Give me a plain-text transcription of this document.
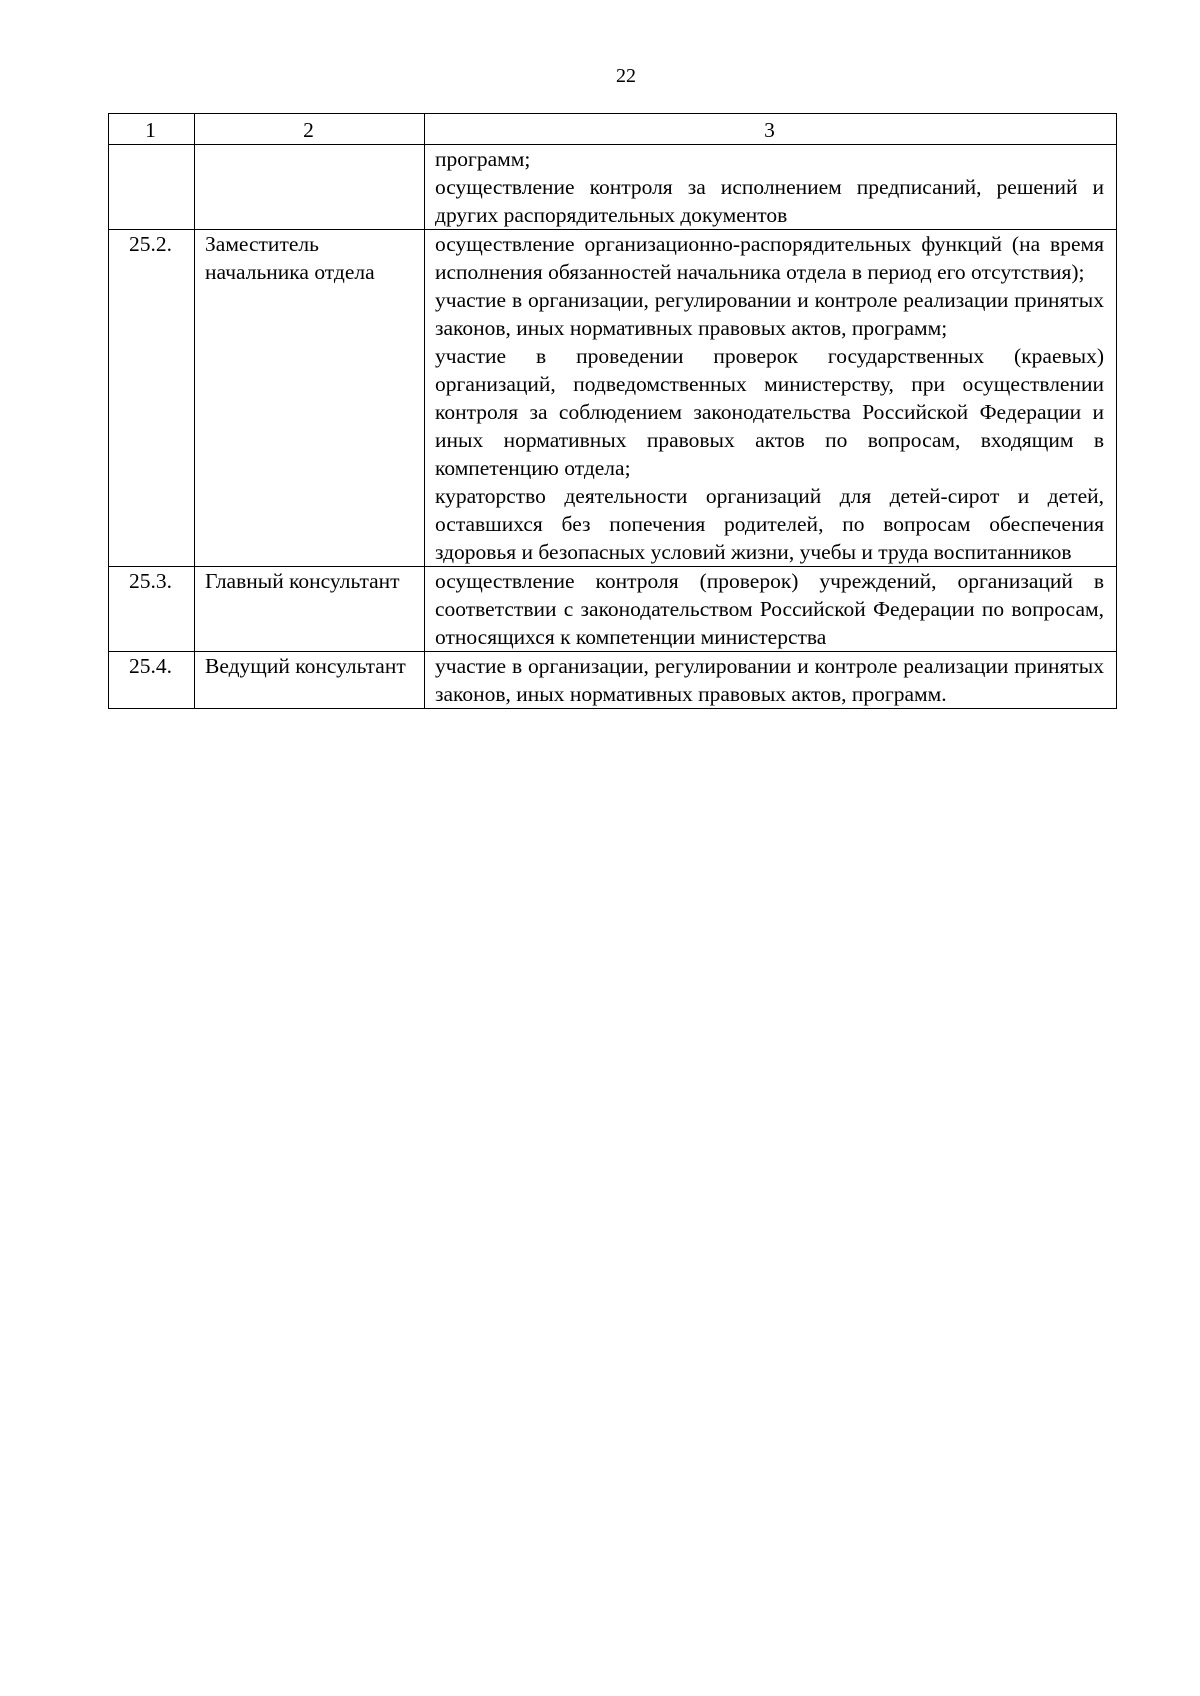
22
1	2	3

		программ;
осуществление контроля за исполнением предписаний, решений и других распорядительных документов

25.2.	Заместитель начальника отдела	осуществление организационно-распорядительных функций (на время исполнения обязанностей начальника отдела в период его отсутствия);
участие в организации, регулировании и контроле реализации принятых законов, иных нормативных правовых актов, программ;
участие в проведении проверок государственных (краевых) организаций, подведомственных министерству, при осуществлении контроля за соблюдением законодательства Российской Федерации и иных нормативных правовых актов по вопросам, входящим в компетенцию отдела;
кураторство деятельности организаций для детей-сирот и детей, оставшихся без попечения родителей, по вопросам обеспечения здоровья и безопасных условий жизни, учебы и труда воспитанников

25.3.	Главный консультант	осуществление контроля (проверок) учреждений, организаций в соответствии с законодательством Российской Федерации по вопросам, относящихся к компетенции министерства

25.4.	Ведущий консультант	участие в организации, регулировании и контроле реализации принятых законов, иных нормативных правовых актов, программ.
